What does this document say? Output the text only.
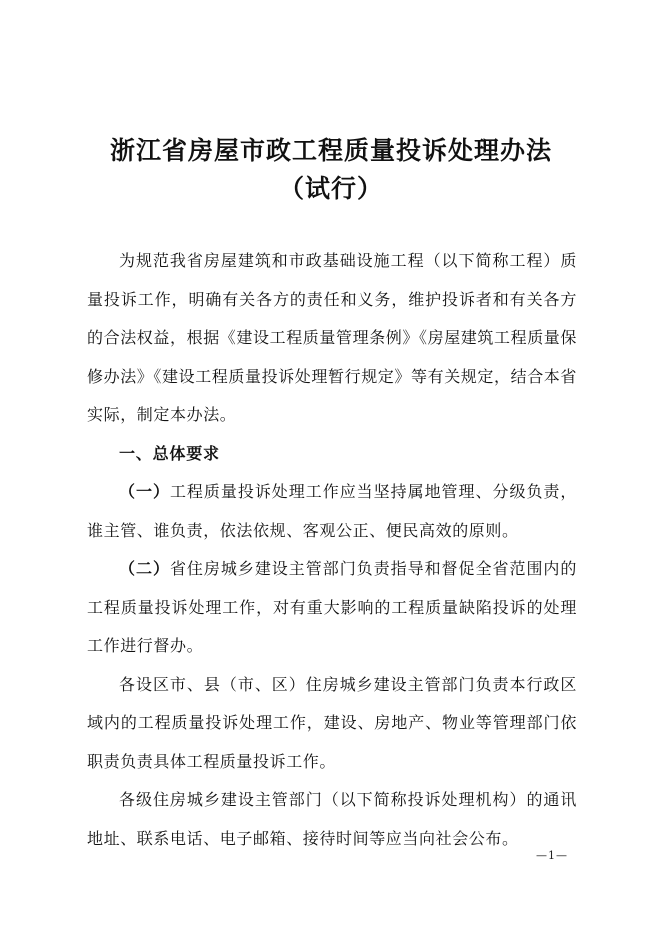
浙江省房屋市政工程质量投诉处理办法
（试行）

为规范我省房屋建筑和市政基础设施工程（以下简称工程）质量投诉工作，明确有关各方的责任和义务，维护投诉者和有关各方的合法权益，根据《建设工程质量管理条例》《房屋建筑工程质量保修办法》《建设工程质量投诉处理暂行规定》等有关规定，结合本省实际，制定本办法。

一、总体要求

（一）工程质量投诉处理工作应当坚持属地管理、分级负责，谁主管、谁负责，依法依规、客观公正、便民高效的原则。

（二）省住房城乡建设主管部门负责指导和督促全省范围内的工程质量投诉处理工作，对有重大影响的工程质量缺陷投诉的处理工作进行督办。

各设区市、县（市、区）住房城乡建设主管部门负责本行政区域内的工程质量投诉处理工作，建设、房地产、物业等管理部门依职责负责具体工程质量投诉工作。

各级住房城乡建设主管部门（以下简称投诉处理机构）的通讯地址、联系电话、电子邮箱、接待时间等应当向社会公布。

—1—
